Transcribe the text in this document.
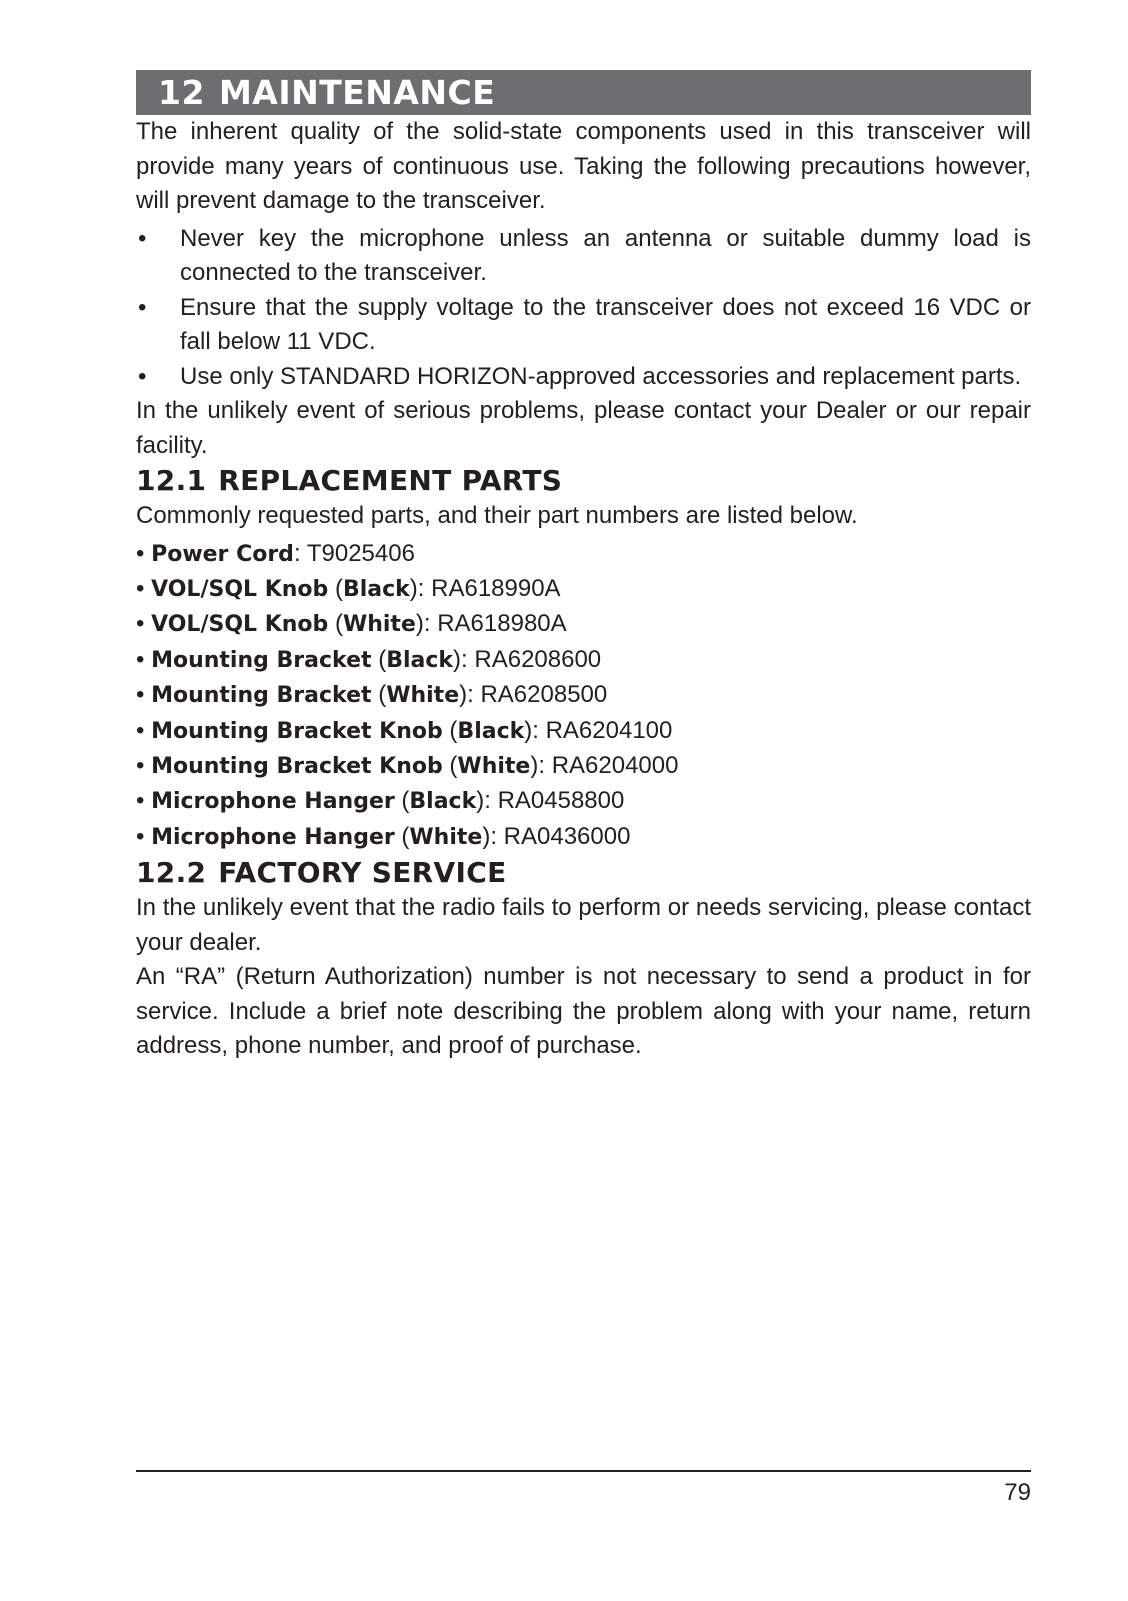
12 MAINTENANCE

The inherent quality of the solid-state components used in this transceiver will provide many years of continuous use. Taking the following precautions however, will prevent damage to the transceiver.

• Never key the microphone unless an antenna or suitable dummy load is connected to the transceiver.
• Ensure that the supply voltage to the transceiver does not exceed 16 VDC or fall below 11 VDC.
• Use only STANDARD HORIZON-approved accessories and replacement parts.

In the unlikely event of serious problems, please contact your Dealer or our repair facility.

12.1 REPLACEMENT PARTS

Commonly requested parts, and their part numbers are listed below.

• Power Cord: T9025406
• VOL/SQL Knob (Black): RA618990A
• VOL/SQL Knob (White): RA618980A
• Mounting Bracket (Black): RA6208600
• Mounting Bracket (White): RA6208500
• Mounting Bracket Knob (Black): RA6204100
• Mounting Bracket Knob (White): RA6204000
• Microphone Hanger (Black): RA0458800
• Microphone Hanger (White): RA0436000
12.2 FACTORY SERVICE

In the unlikely event that the radio fails to perform or needs servicing, please contact your dealer.

An “RA” (Return Authorization) number is not necessary to send a product in for service. Include a brief note describing the problem along with your name, return address, phone number, and proof of purchase.

79
